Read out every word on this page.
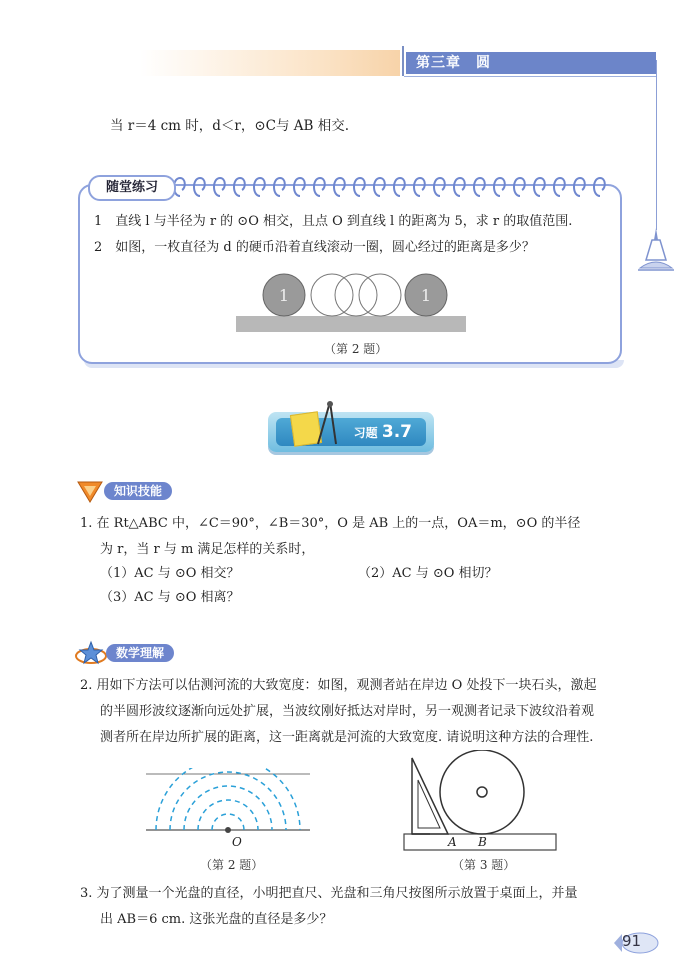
第三章　圆
当 r＝4 cm 时，d＜r，⊙C与 AB 相交.
随堂练习
1　直线 l 与半径为 r 的 ⊙O 相交，且点 O 到直线 l 的距离为 5，求 r 的取值范围.
2　如图，一枚直径为 d 的硬币沿着直线滚动一圈，圆心经过的距离是多少？
1	1
（第 2 题）
习题 3.7
知识技能
1. 在 Rt△ABC 中，∠C＝90°，∠B＝30°，O 是 AB 上的一点，OA＝m，⊙O 的半径
为 r，当 r 与 m 满足怎样的关系时，
（1）AC 与 ⊙O 相交？	（2）AC 与 ⊙O 相切？
（3）AC 与 ⊙O 相离？
数学理解
2. 用如下方法可以估测河流的大致宽度：如图，观测者站在岸边 O 处投下一块石头，激起
的半圆形波纹逐渐向远处扩展，当波纹刚好抵达对岸时，另一观测者记录下波纹沿着观
测者所在岸边所扩展的距离，这一距离就是河流的大致宽度. 请说明这种方法的合理性.
O
（第 2 题）
A B
（第 3 题）
3. 为了测量一个光盘的直径，小明把直尺、光盘和三角尺按图所示放置于桌面上，并量
出 AB＝6 cm. 这张光盘的直径是多少？
91
